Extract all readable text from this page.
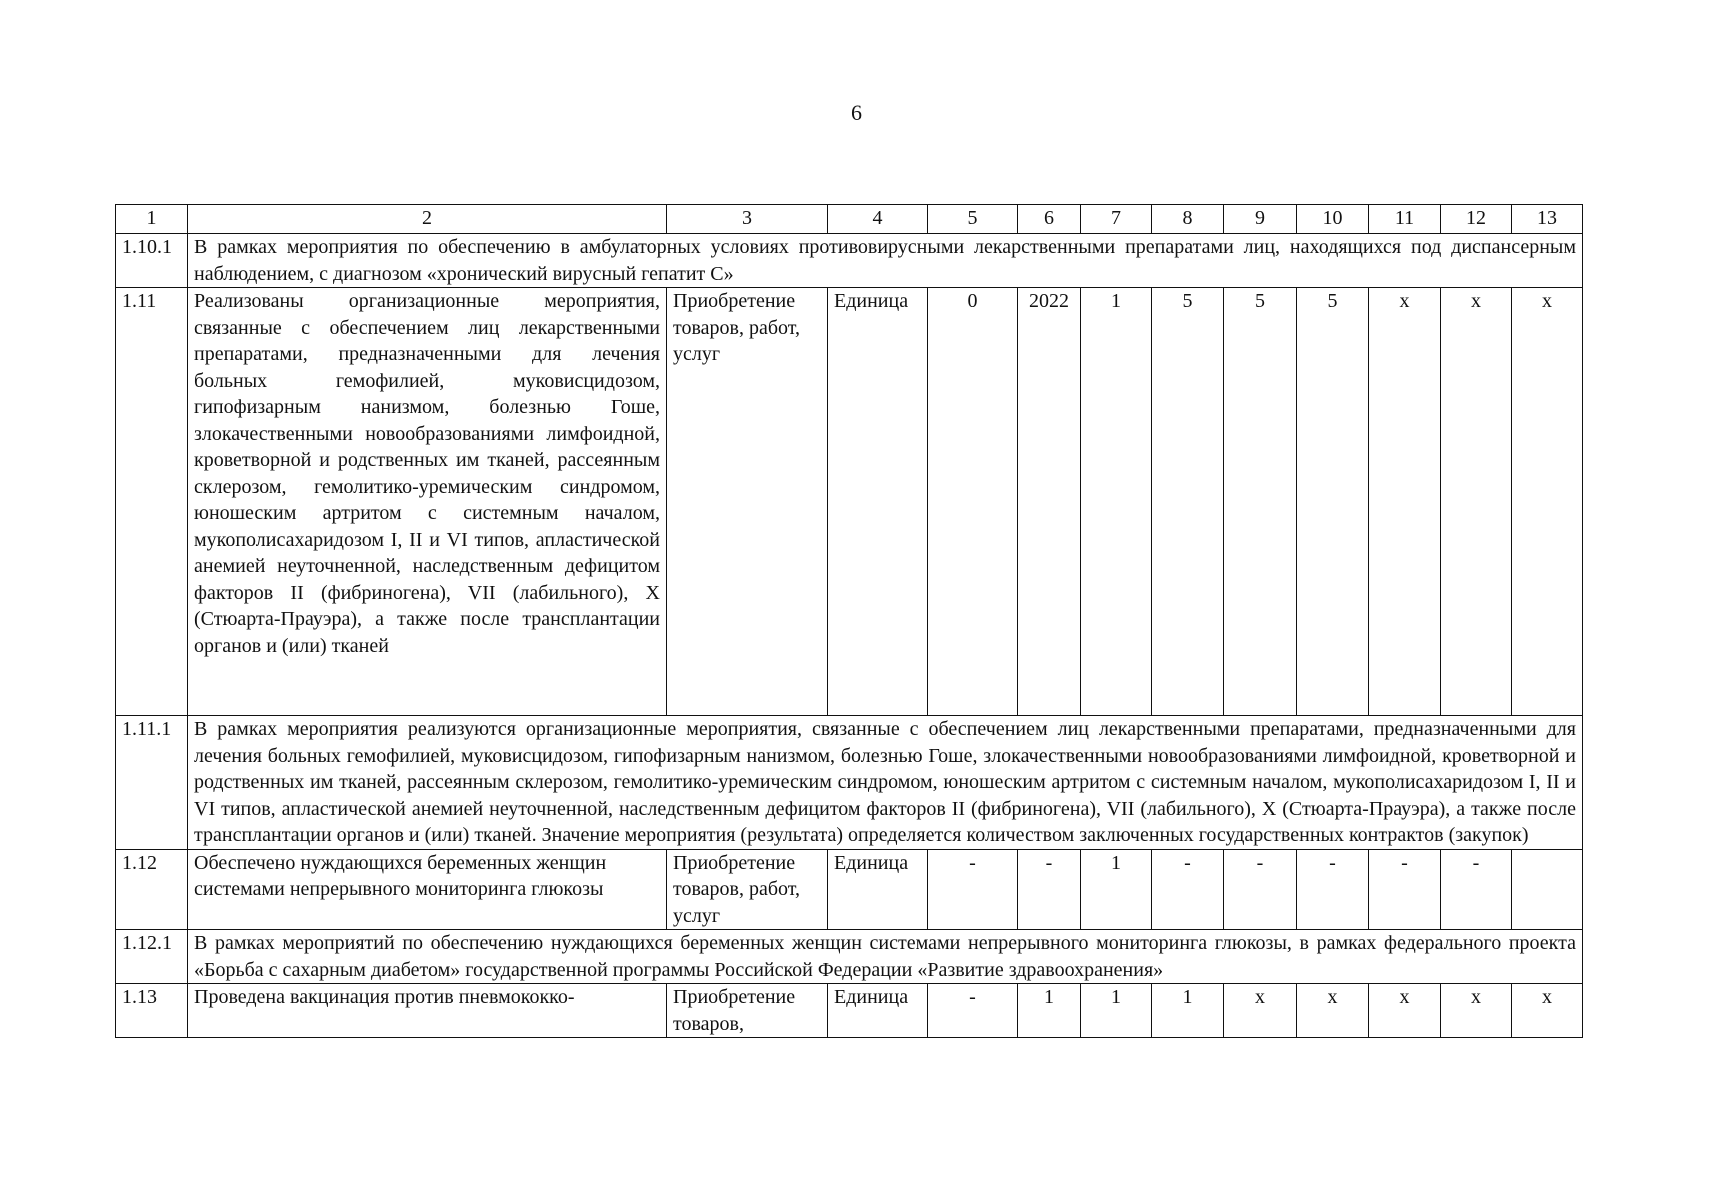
6
1	2	3	4	5	6	7	8	9	10	11	12	13
1.10.1	В рамках мероприятия по обеспечению в амбулаторных условиях противовирусными лекарственными препаратами лиц, находящихся под диспансерным наблюдением, с диагнозом «хронический вирусный гепатит С»											
1.11	Реализованы организационные мероприятия, связанные с обеспечением лиц лекарственными препаратами, предназначенными для лечения больных гемофилией, муковисцидозом, гипофизарным нанизмом, болезнью Гоше, злокачественными новообразованиями лимфоидной, кроветворной и родственных им тканей, рассеянным склерозом, гемолитико-уремическим синдромом, юношеским артритом с системным началом, мукополисахаридозом I, II и VI типов, апластической анемией неуточненной, наследственным дефицитом факторов II (фибриногена), VII (лабильного), X (Стюарта-Прауэра), а также после трансплантации органов и (или) тканей	Приобретение товаров, работ, услуг	Единица	0	2022	1	5	5	5	х	х	х
1.11.1	В рамках мероприятия реализуются организационные мероприятия, связанные с обеспечением лиц лекарственными препаратами, предназначенными для лечения больных гемофилией, муковисцидозом, гипофизарным нанизмом, болезнью Гоше, злокачественными новообразованиями лимфоидной, кроветворной и родственных им тканей, рассеянным склерозом, гемолитико-уремическим синдромом, юношеским артритом с системным началом, мукополисахаридозом I, II и VI типов, апластической анемией неуточненной, наследственным дефицитом факторов II (фибриногена), VII (лабильного), X (Стюарта-Прауэра), а также после трансплантации органов и (или) тканей. Значение мероприятия (результата) определяется количеством заключенных государственных контрактов (закупок)											
1.12	Обеспечено нуждающихся беременных женщин системами непрерывного мониторинга глюкозы	Приобретение товаров, работ, услуг	Единица	-	-	1	-	-	-	-	-	
1.12.1	В рамках мероприятий по обеспечению нуждающихся беременных женщин системами непрерывного мониторинга глюкозы, в рамках федерального проекта «Борьба с сахарным диабетом» государственной программы Российской Федерации «Развитие здравоохранения»											
1.13	Проведена вакцинация против пневмококко-	Приобретение товаров,	Единица	-	1	1	1	х	х	х	х	х
